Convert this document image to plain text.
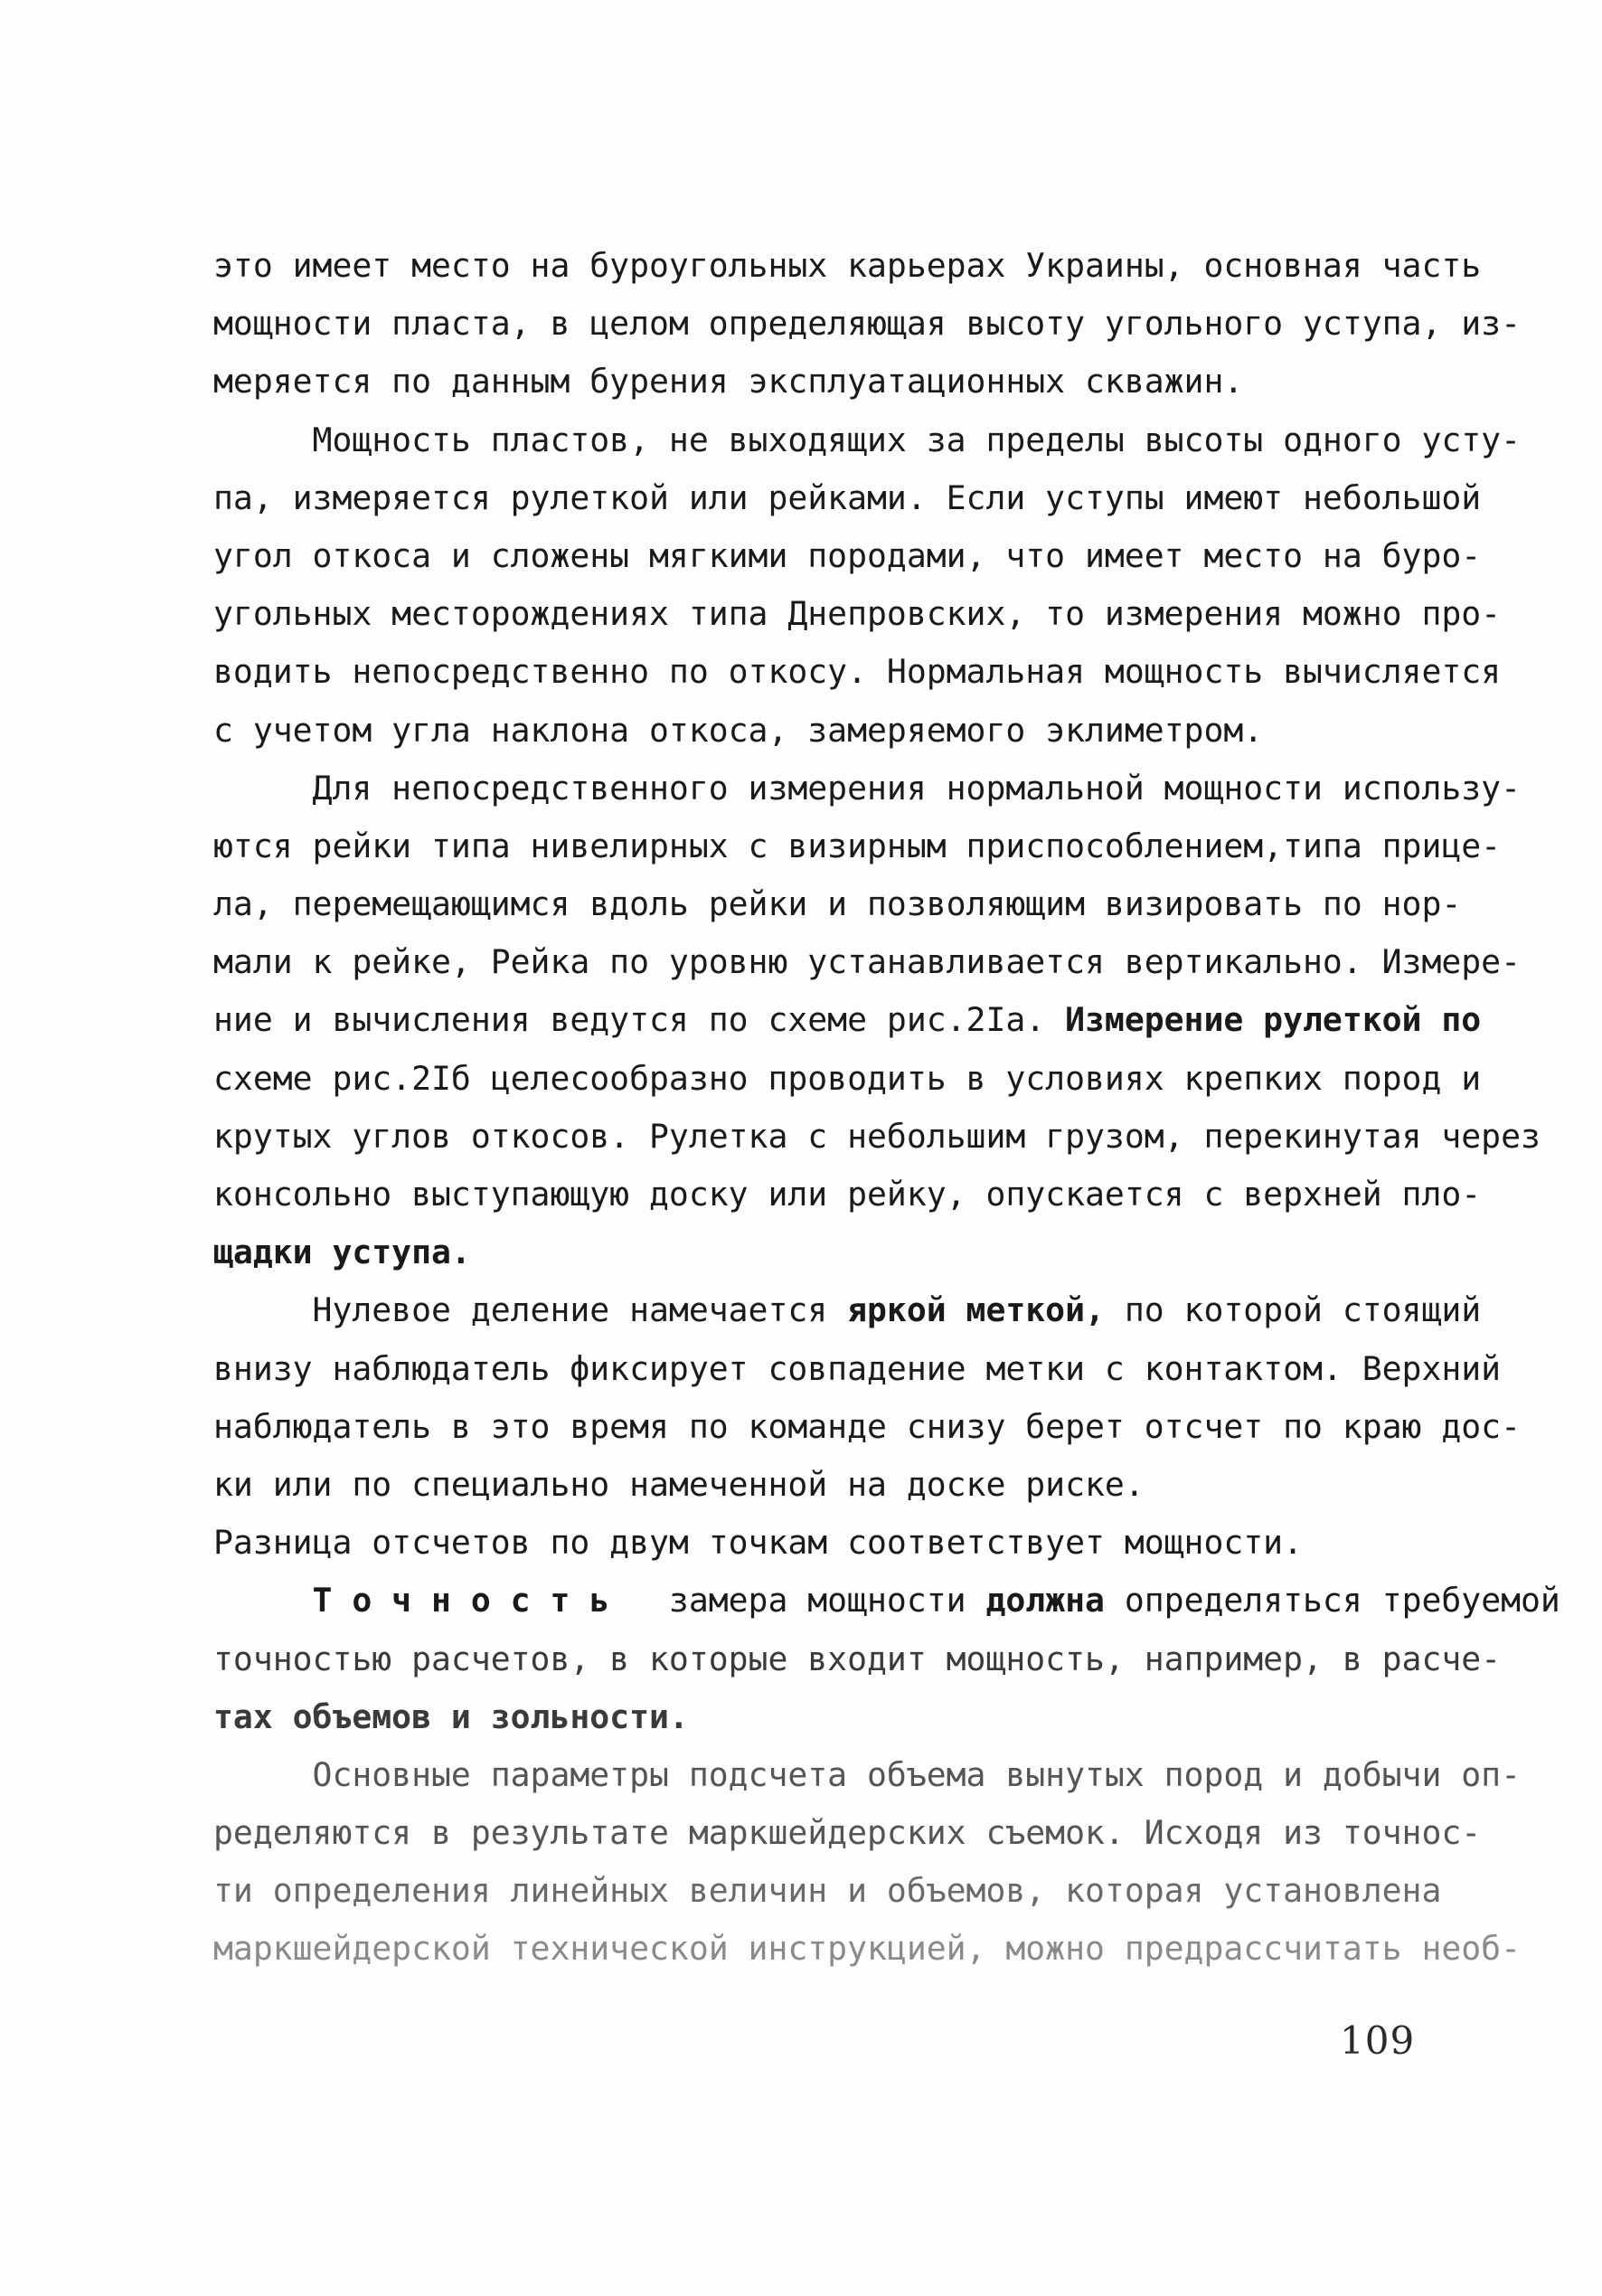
это имеет место на буроугольных карьерах Украины, основная часть
мощности пласта, в целом определяющая высоту угольного уступа, из-
меряется по данным бурения эксплуатационных скважин.
Мощность пластов, не выходящих за пределы высоты одного усту-
па, измеряется рулеткой или рейками. Если уступы имеют небольшой
угол откоса и сложены мягкими породами, что имеет место на буро-
угольных месторождениях типа Днепровских, то измерения можно про-
водить непосредственно по откосу. Нормальная мощность вычисляется
с учетом угла наклона откоса, замеряемого эклиметром.
Для непосредственного измерения нормальной мощности использу-
ются рейки типа нивелирных с визирным приспособлением,типа прице-
ла, перемещающимся вдоль рейки и позволяющим визировать по нор-
мали к рейке, Рейка по уровню устанавливается вертикально. Измере-
ние и вычисления ведутся по схеме рис.2Iа. Измерение рулеткой по
схеме рис.2Iб целесообразно проводить в условиях крепких пород и
крутых углов откосов. Рулетка с небольшим грузом, перекинутая через
консольно выступающую доску или рейку, опускается с верхней пло-
щадки уступа.
Нулевое деление намечается яркой меткой, по которой стоящий
внизу наблюдатель фиксирует совпадение метки с контактом. Верхний
наблюдатель в это время по команде снизу берет отсчет по краю дос-
ки или по специально намеченной на доске риске.
Разница отсчетов по двум точкам соответствует мощности.
Т о ч н о с т ь   замера мощности должна определяться требуемой
точностью расчетов, в которые входит мощность, например, в расче-
тах объемов и зольности.
Основные параметры подсчета объема вынутых пород и добычи оп-
ределяются в результате маркшейдерских съемок. Исходя из точнос-
ти определения линейных величин и объемов, которая установлена
маркшейдерской технической инструкцией, можно предрассчитать необ-
109
